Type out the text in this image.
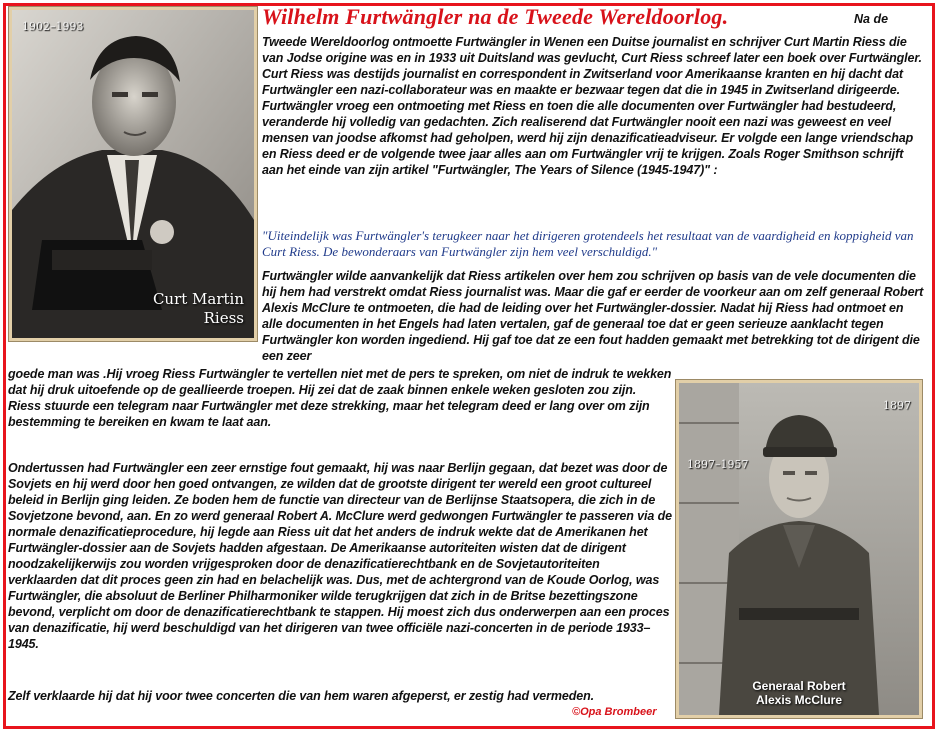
1902–1993
Curt Martin
Riess
Wilhelm Furtwängler na de Tweede Wereldoorlog.	Na de

Tweede Wereldoorlog ontmoette Furtwängler in Wenen een Duitse journalist en schrijver Curt Martin Riess die van Jodse origine was en in 1933 uit Duitsland was gevlucht, Curt Riess schreef later een boek over Furtwängler. Curt Riess was destijds journalist en correspondent in Zwitserland voor Amerikaanse kranten en hij dacht dat Furtwängler een nazi-collaborateur was en maakte er bezwaar tegen dat die in 1945 in Zwitserland dirigeerde. Furtwängler vroeg een ontmoeting met Riess en toen die alle documenten over Furtwängler had bestudeerd, veranderde hij volledig van gedachten. Zich realiserend dat Furtwängler nooit een nazi was geweest en veel mensen van joodse afkomst had geholpen, werd hij zijn denazificatieadviseur. Er volgde een lange vriendschap en Riess deed er de volgende twee jaar alles aan om Furtwängler vrij te krijgen. Zoals Roger Smithson schrijft aan het einde van zijn artikel "Furtwängler, The Years of Silence (1945-1947)" :

"Uiteindelijk was Furtwängler's terugkeer naar het dirigeren grotendeels het resultaat van de vaardigheid en koppigheid van Curt Riess. De bewonderaars van Furtwängler zijn hem veel verschuldigd."

Furtwängler wilde aanvankelijk dat Riess artikelen over hem zou schrijven op basis van de vele documenten die hij hem had verstrekt omdat Riess journalist was. Maar die gaf er eerder de voorkeur aan om zelf generaal Robert Alexis McClure te ontmoeten, die had de leiding over het Furtwängler-dossier. Nadat hij Riess had ontmoet en alle documenten in het Engels had laten vertalen, gaf de generaal toe dat er geen serieuze aanklacht tegen Furtwängler kon worden ingediend. Hij gaf toe dat ze een fout hadden gemaakt met betrekking tot de dirigent die een zeer

goede man was .Hij vroeg Riess Furtwängler te vertellen niet met de pers te spreken, om niet de indruk te wekken dat hij druk uitoefende op de geallieerde troepen. Hij zei dat de zaak binnen enkele weken gesloten zou zijn. Riess stuurde een telegram naar Furtwängler met deze strekking, maar het telegram deed er lang over om zijn bestemming te bereiken en kwam te laat aan.

Ondertussen had Furtwängler een zeer ernstige fout gemaakt, hij was naar Berlijn gegaan, dat bezet was door de Sovjets en hij werd door hen goed ontvangen, ze wilden dat de grootste dirigent ter wereld een groot cultureel beleid in Berlijn ging leiden. Ze boden hem de functie van directeur van de Berlijnse Staatsopera, die zich in de Sovjetzone bevond, aan. En zo werd generaal Robert A. McClure werd gedwongen Furtwängler te passeren via de normale denazificatieprocedure, hij legde aan Riess uit dat het anders de indruk wekte dat de Amerikanen het Furtwängler-dossier aan de Sovjets hadden afgestaan. De Amerikaanse autoriteiten wisten dat de dirigent noodzakelijkerwijs zou worden vrijgesproken door de denazificatierechtbank en de Sovjetautoriteiten verklaarden dat dit proces geen zin had en belachelijk was. Dus, met de achtergrond van de Koude Oorlog, was Furtwängler, die absoluut de Berliner Philharmoniker wilde terugkrijgen dat zich in de Britse bezettingszone bevond, verplicht om door de denazificatierechtbank te stappen. Hij moest zich dus onderwerpen aan een proces van denazificatie, hij werd beschuldigd van het dirigeren van twee officiële nazi-concerten in de periode 1933–1945.

Zelf verklaarde hij dat hij voor twee concerten die van hem waren afgeperst, er zestig had vermeden.

1897–1957
1897
Generaal Robert
Alexis McClure
©Opa Brombeer
